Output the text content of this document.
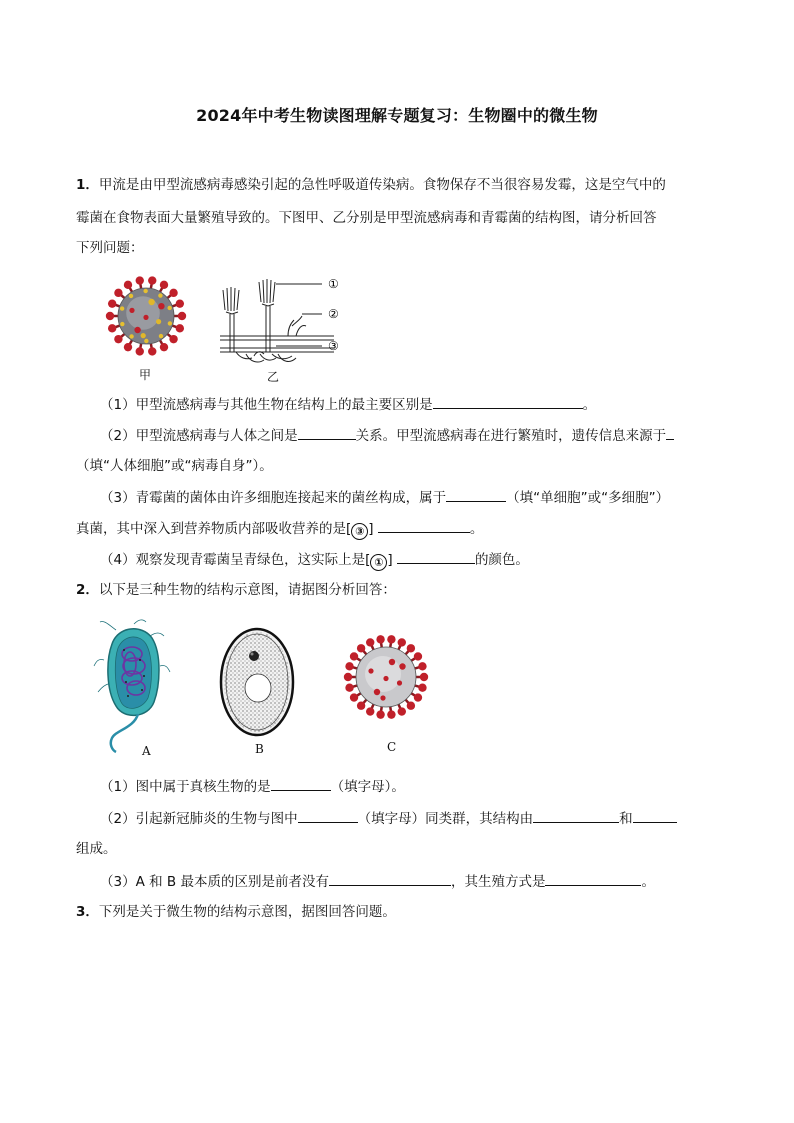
2024年中考生物读图理解专题复习：生物圈中的微生物
1．甲流是由甲型流感病毒感染引起的急性呼吸道传染病。食物保存不当很容易发霉，这是空气中的
霉菌在食物表面大量繁殖导致的。下图甲、乙分别是甲型流感病毒和青霉菌的结构图，请分析回答
下列问题：
甲
①
②
③
乙
（1）甲型流感病毒与其他生物在结构上的最主要区别是	。
（2）甲型流感病毒与人体之间是	关系。甲型流感病毒在进行繁殖时，遗传信息来源于
（填“人体细胞”或“病毒自身”）。
（3）青霉菌的菌体由许多细胞连接起来的菌丝构成，属于	（填“单细胞”或“多细胞”）
真菌，其中深入到营养物质内部吸收营养的是[ ③ ]	。
（4）观察发现青霉菌呈青绿色，这实际上是[ ① ]	的颜色。
2．以下是三种生物的结构示意图，请据图分析回答：
A	B	C
（1）图中属于真核生物的是	（填字母）。
（2）引起新冠肺炎的生物与图中	（填字母）同类群，其结构由	和
组成。
（3）A 和 B 最本质的区别是前者没有	，其生殖方式是	。
3．下列是关于微生物的结构示意图，据图回答问题。
